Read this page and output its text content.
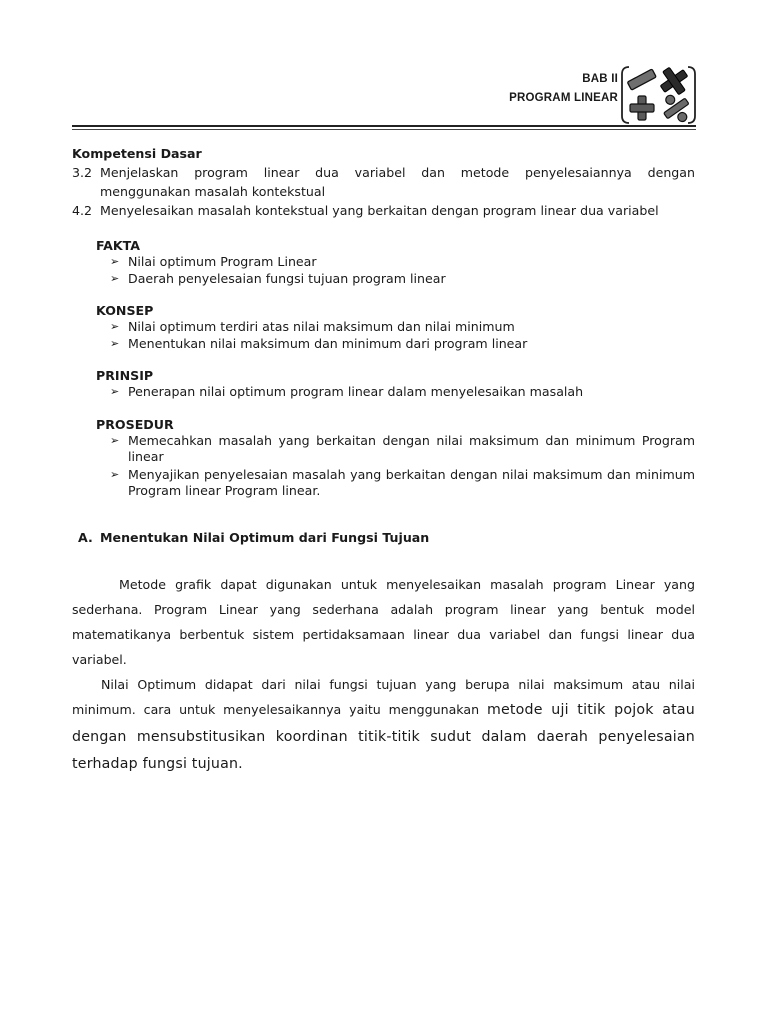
BAB II
PROGRAM LINEAR
Kompetensi Dasar
3.2 Menjelaskan program linear dua variabel dan metode penyelesaiannya dengan menggunakan masalah kontekstual
4.2 Menyelesaikan masalah kontekstual yang berkaitan dengan program linear dua variabel
FAKTA
➢ Nilai optimum Program Linear
➢ Daerah penyelesaian fungsi tujuan program linear
KONSEP
➢ Nilai optimum terdiri atas nilai maksimum dan nilai minimum
➢ Menentukan nilai maksimum dan minimum dari program linear
PRINSIP
➢ Penerapan nilai optimum program linear dalam menyelesaikan masalah
PROSEDUR
➢ Memecahkan masalah yang berkaitan dengan nilai maksimum dan minimum Program linear
➢ Menyajikan penyelesaian masalah yang berkaitan dengan nilai maksimum dan minimum Program linear Program linear.
A. Menentukan Nilai Optimum dari Fungsi Tujuan

Metode grafik dapat digunakan untuk menyelesaikan masalah program Linear yang sederhana. Program Linear yang sederhana adalah program linear yang bentuk model matematikanya berbentuk sistem pertidaksamaan linear dua variabel dan fungsi linear dua variabel.

Nilai Optimum didapat dari nilai fungsi tujuan yang berupa nilai maksimum atau nilai minimum. cara untuk menyelesaikannya yaitu menggunakan metode uji titik pojok atau dengan mensubstitusikan koordinan titik-titik sudut dalam daerah penyelesaian terhadap fungsi tujuan.
